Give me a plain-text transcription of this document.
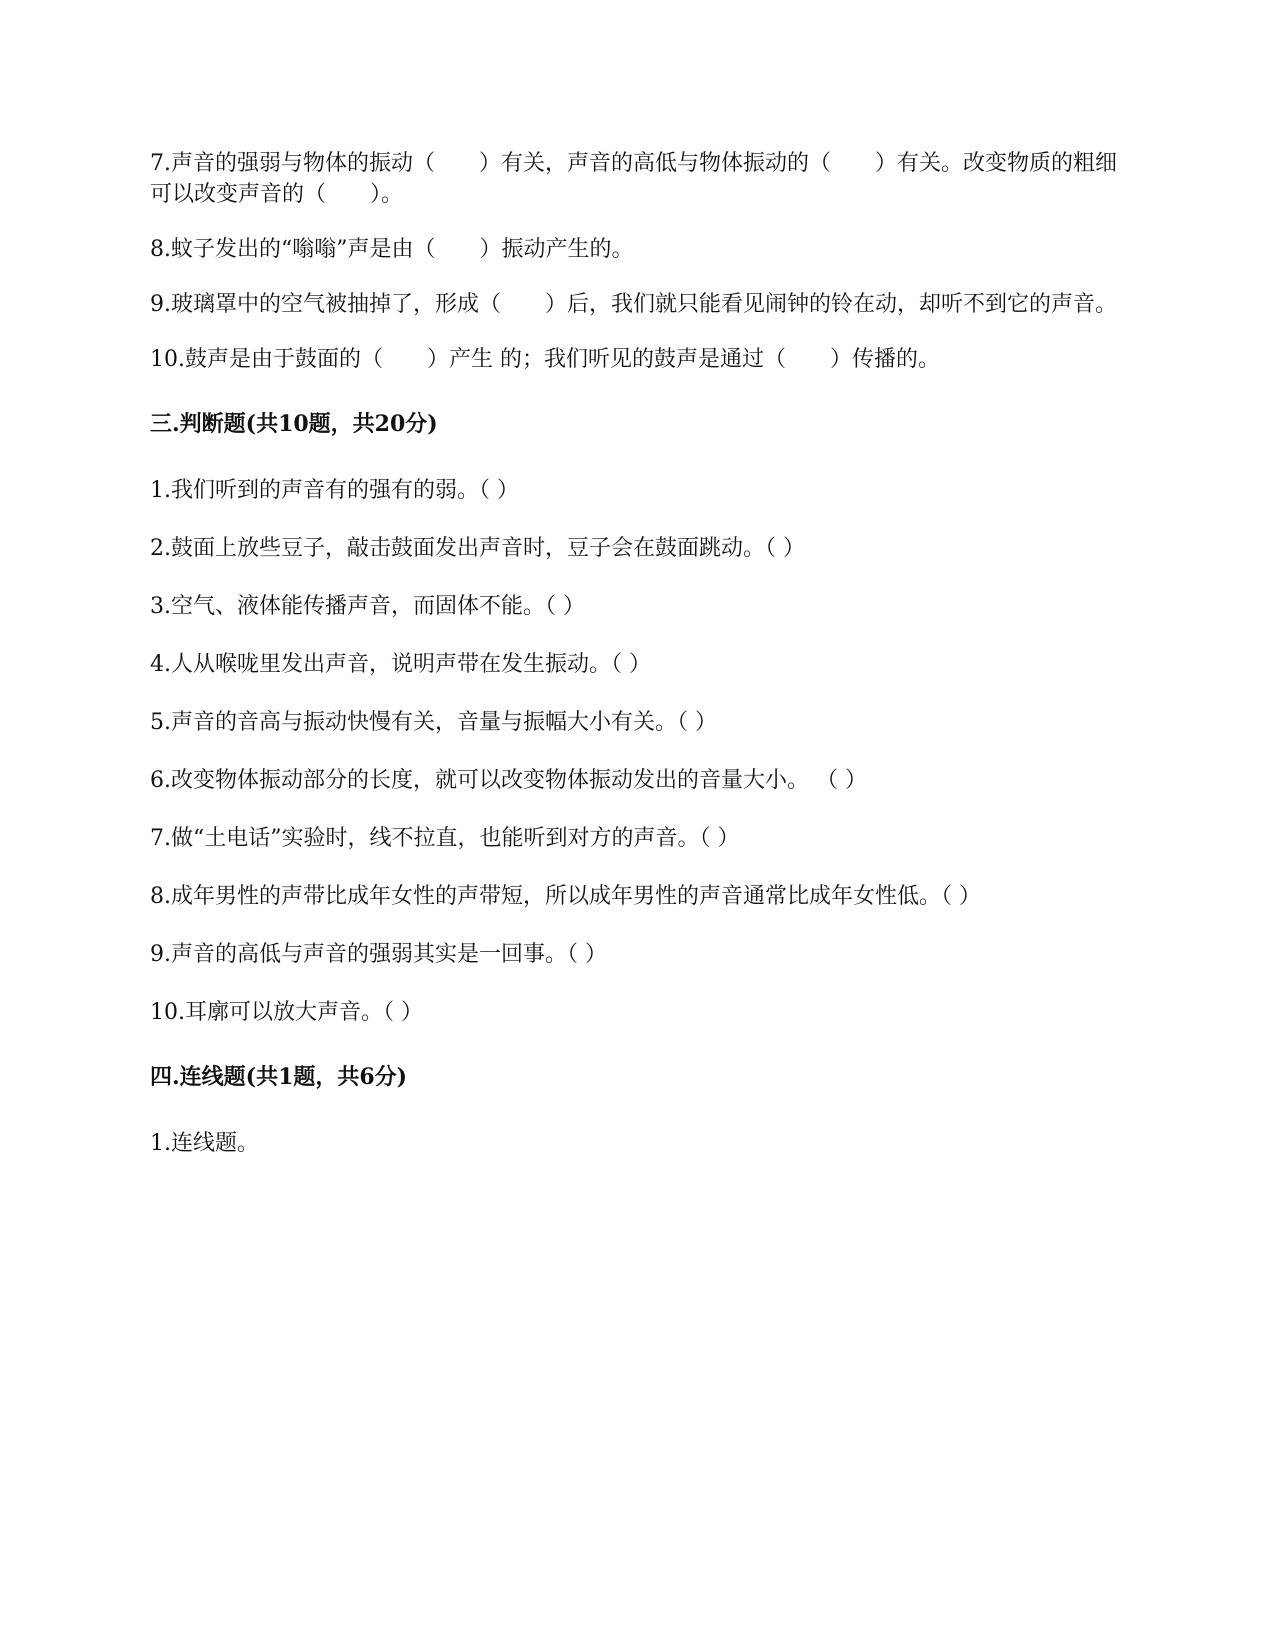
7.声音的强弱与物体的振动（　　）有关，声音的高低与物体振动的（　　）有关。改变物质的粗细可以改变声音的（　　）。

8.蚊子发出的“嗡嗡”声是由（　　）振动产生的。

9.玻璃罩中的空气被抽掉了，形成（　　）后，我们就只能看见闹钟的铃在动，却听不到它的声音。

10.鼓声是由于鼓面的（　　）产生 的；我们听见的鼓声是通过（　　）传播的。

三.判断题(共10题，共20分)

1.我们听到的声音有的强有的弱。（ ）

2.鼓面上放些豆子，敲击鼓面发出声音时，豆子会在鼓面跳动。（ ）

3.空气、液体能传播声音，而固体不能。（ ）

4.人从喉咙里发出声音，说明声带在发生振动。（ ）

5.声音的音高与振动快慢有关，音量与振幅大小有关。（ ）

6.改变物体振动部分的长度，就可以改变物体振动发出的音量大小。 （ ）

7.做“土电话”实验时，线不拉直，也能听到对方的声音。（ ）

8.成年男性的声带比成年女性的声带短，所以成年男性的声音通常比成年女性低。（ ）

9.声音的高低与声音的强弱其实是一回事。（ ）

10.耳廓可以放大声音。（ ）

四.连线题(共1题，共6分)

1.连线题。
